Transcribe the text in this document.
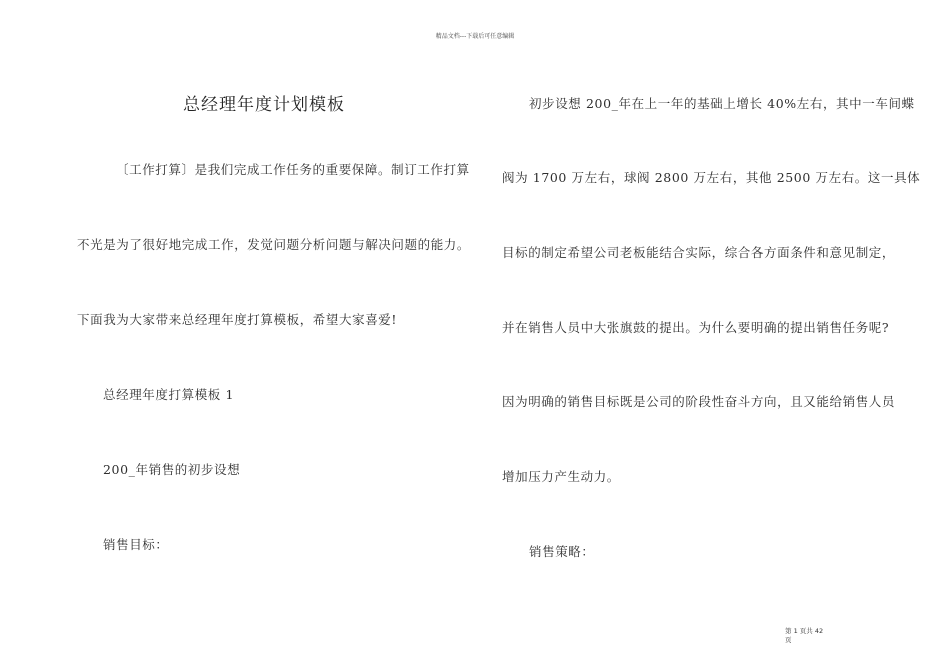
精品文档---下载后可任意编辑
总经理年度计划模板
〔工作打算〕是我们完成工作任务的重要保障。制订工作打算
不光是为了很好地完成工作，发觉问题分析问题与解决问题的能力。
下面我为大家带来总经理年度打算模板，希望大家喜爱!
总经理年度打算模板 1
200_年销售的初步设想
销售目标：
初步设想 200_年在上一年的基础上增长 40%左右，其中一车间蝶
阀为 1700 万左右，球阀 2800 万左右，其他 2500 万左右。这一具体
目标的制定希望公司老板能结合实际，综合各方面条件和意见制定，
并在销售人员中大张旗鼓的提出。为什么要明确的提出销售任务呢?
因为明确的销售目标既是公司的阶段性奋斗方向，且又能给销售人员
增加压力产生动力。
销售策略：
第 1 页共 42 页
